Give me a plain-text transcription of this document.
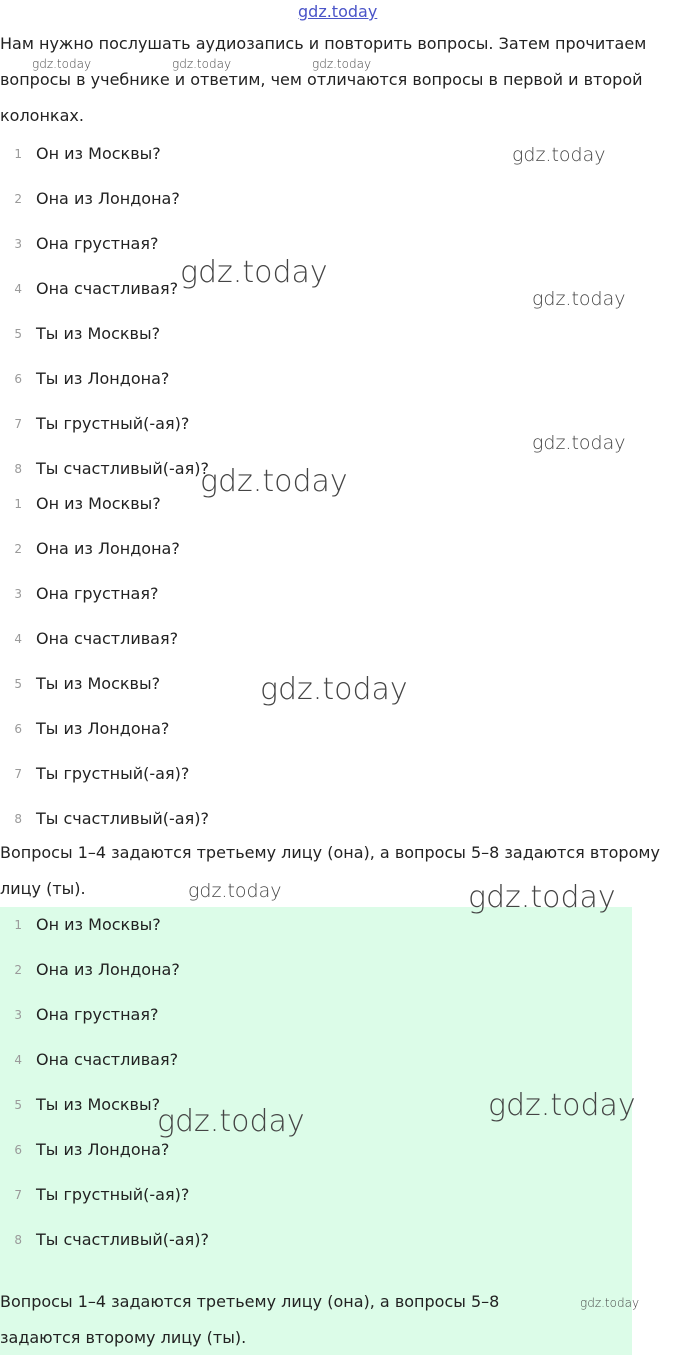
gdz.today
Нам нужно послушать аудиозапись и повторить вопросы. Затем прочитаем вопросы в учебнике и ответим, чем отличаются вопросы в первой и второй колонках.
1 Он из Москвы?
2 Она из Лондона?
3 Она грустная?
4 Она счастливая?
5 Ты из Москвы?
6 Ты из Лондона?
7 Ты грустный(-ая)?
8 Ты счастливый(-ая)?
1 Он из Москвы?
2 Она из Лондона?
3 Она грустная?
4 Она счастливая?
5 Ты из Москвы?
6 Ты из Лондона?
7 Ты грустный(-ая)?
8 Ты счастливый(-ая)?
Вопросы 1–4 задаются третьему лицу (она), а вопросы 5–8 задаются второму лицу (ты).
1 Он из Москвы?
2 Она из Лондона?
3 Она грустная?
4 Она счастливая?
5 Ты из Москвы?
6 Ты из Лондона?
7 Ты грустный(-ая)?
8 Ты счастливый(-ая)?
Вопросы 1–4 задаются третьему лицу (она), а вопросы 5–8 задаются второму лицу (ты).
gdz.today	gdz.today	gdz.today
gdz.today
gdz.today
gdz.today
gdz.today
gdz.today
gdz.today
gdz.today	gdz.today
gdz.today
gdz.today
gdz.today
